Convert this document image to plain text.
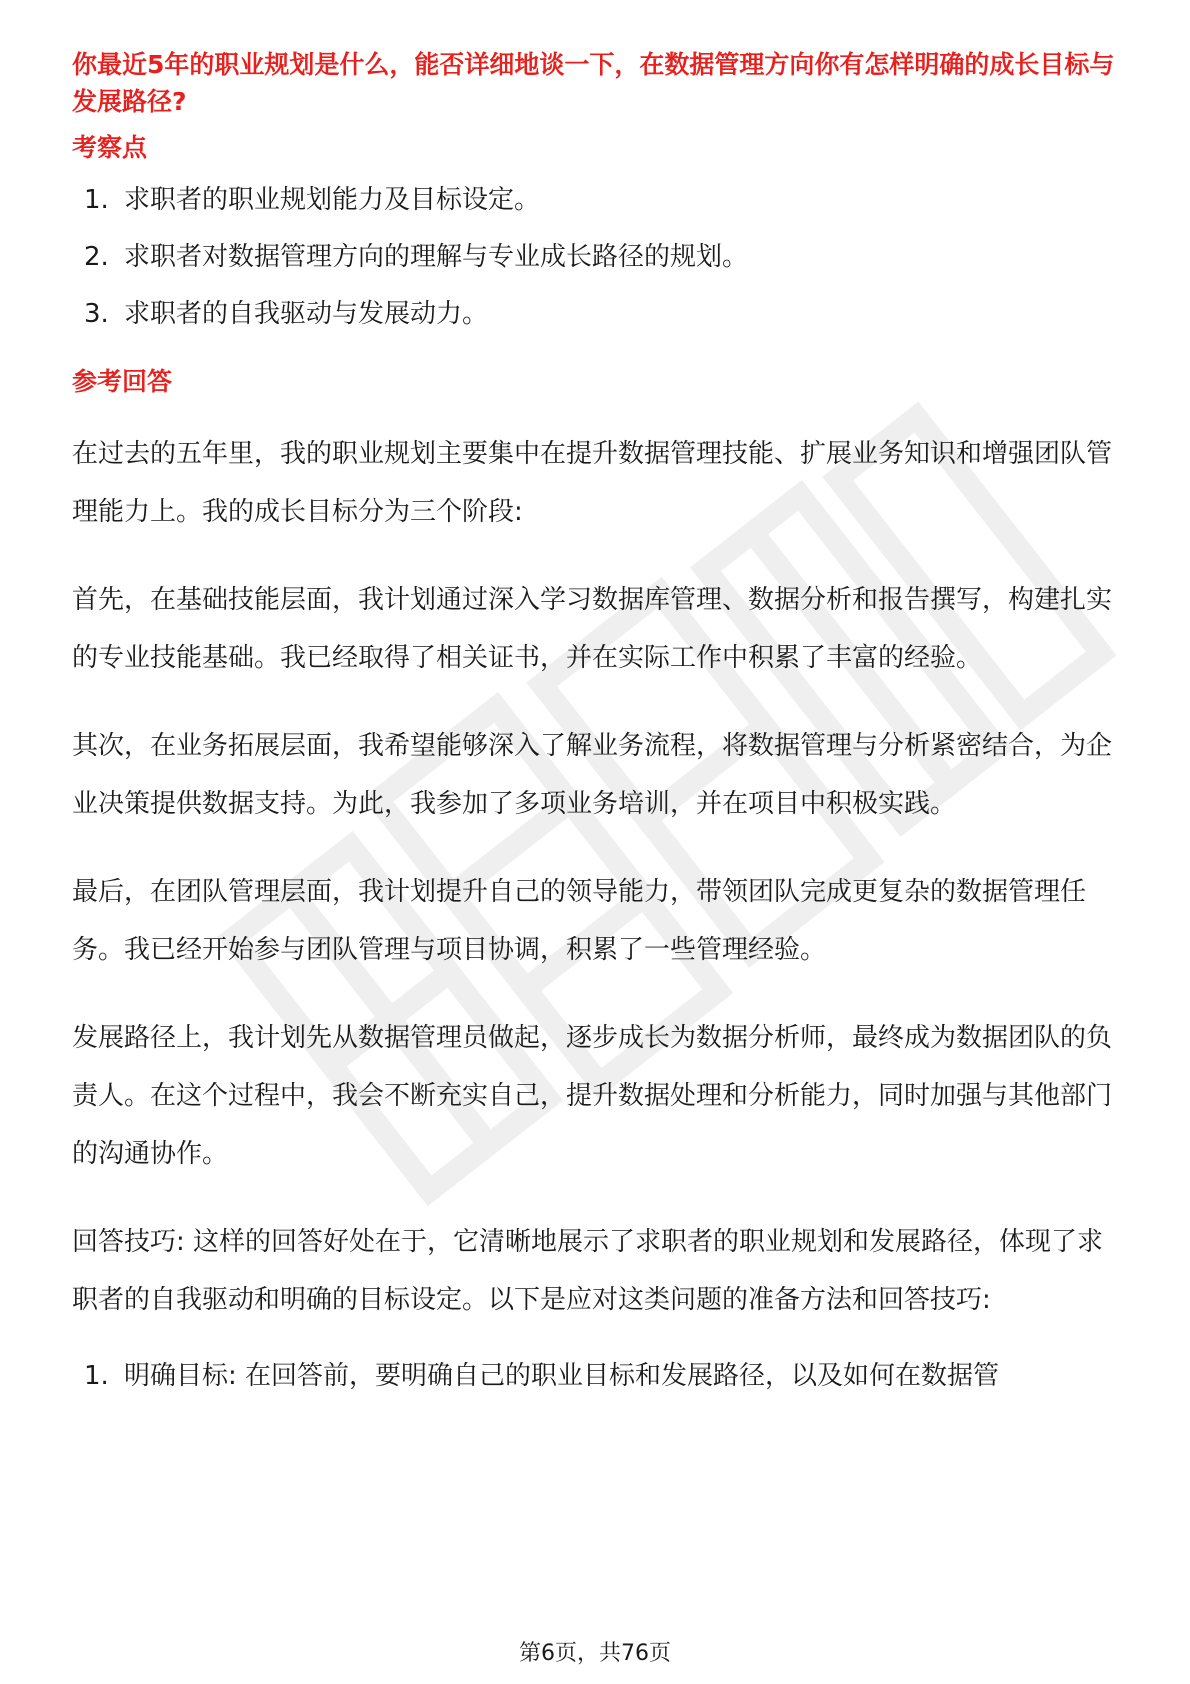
你最近5年的职业规划是什么，能否详细地谈一下，在数据管理方向你有怎样明确的成长目标与发展路径?

考察点

1. 求职者的职业规划能力及目标设定。
2. 求职者对数据管理方向的理解与专业成长路径的规划。
3. 求职者的自我驱动与发展动力。

参考回答

在过去的五年里，我的职业规划主要集中在提升数据管理技能、扩展业务知识和增强团队管理能力上。我的成长目标分为三个阶段:

首先，在基础技能层面，我计划通过深入学习数据库管理、数据分析和报告撰写，构建扎实的专业技能基础。我已经取得了相关证书，并在实际工作中积累了丰富的经验。

其次，在业务拓展层面，我希望能够深入了解业务流程，将数据管理与分析紧密结合，为企业决策提供数据支持。为此，我参加了多项业务培训，并在项目中积极实践。

最后，在团队管理层面，我计划提升自己的领导能力，带领团队完成更复杂的数据管理任务。我已经开始参与团队管理与项目协调，积累了一些管理经验。

发展路径上，我计划先从数据管理员做起，逐步成长为数据分析师，最终成为数据团队的负责人。在这个过程中，我会不断充实自己，提升数据处理和分析能力，同时加强与其他部门的沟通协作。

回答技巧: 这样的回答好处在于，它清晰地展示了求职者的职业规划和发展路径，体现了求职者的自我驱动和明确的目标设定。以下是应对这类问题的准备方法和回答技巧:

1. 明确目标: 在回答前，要明确自己的职业目标和发展路径，以及如何在数据管
第6页，共76页
